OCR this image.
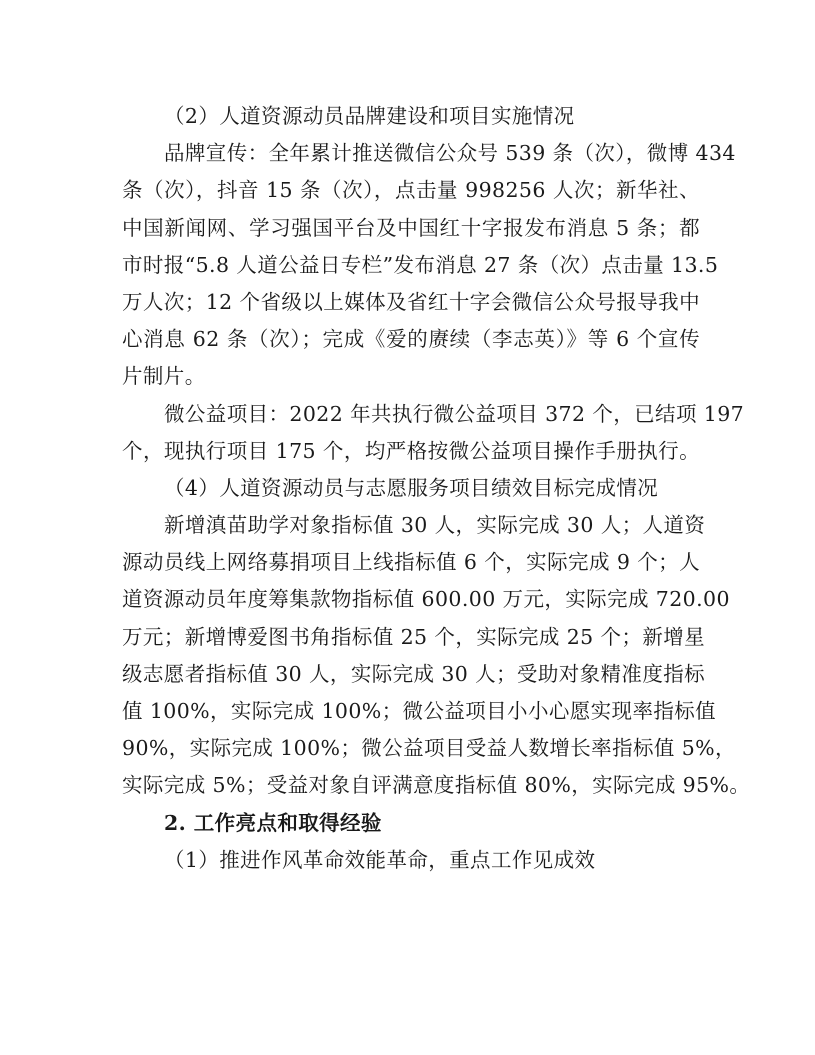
（2）人道资源动员品牌建设和项目实施情况
品牌宣传：全年累计推送微信公众号 539 条（次），微博 434
条（次），抖音 15 条（次），点击量 998256 人次；新华社、
中国新闻网、学习强国平台及中国红十字报发布消息 5 条；都
市时报“5.8 人道公益日专栏”发布消息 27 条（次）点击量 13.5
万人次；12 个省级以上媒体及省红十字会微信公众号报导我中
心消息 62 条（次）；完成《爱的赓续（李志英）》等 6 个宣传
片制片。
微公益项目：2022 年共执行微公益项目 372 个，已结项 197
个，现执行项目 175 个，均严格按微公益项目操作手册执行。
（4）人道资源动员与志愿服务项目绩效目标完成情况
新增滇苗助学对象指标值 30 人，实际完成 30 人；人道资
源动员线上网络募捐项目上线指标值 6 个，实际完成 9 个；人
道资源动员年度筹集款物指标值 600.00 万元，实际完成 720.00
万元；新增博爱图书角指标值 25 个，实际完成 25 个；新增星
级志愿者指标值 30 人，实际完成 30 人；受助对象精准度指标
值 100%，实际完成 100%；微公益项目小小心愿实现率指标值
90%，实际完成 100%；微公益项目受益人数增长率指标值 5%，
实际完成 5%；受益对象自评满意度指标值 80%，实际完成 95%。
2. 工作亮点和取得经验
（1）推进作风革命效能革命，重点工作见成效
